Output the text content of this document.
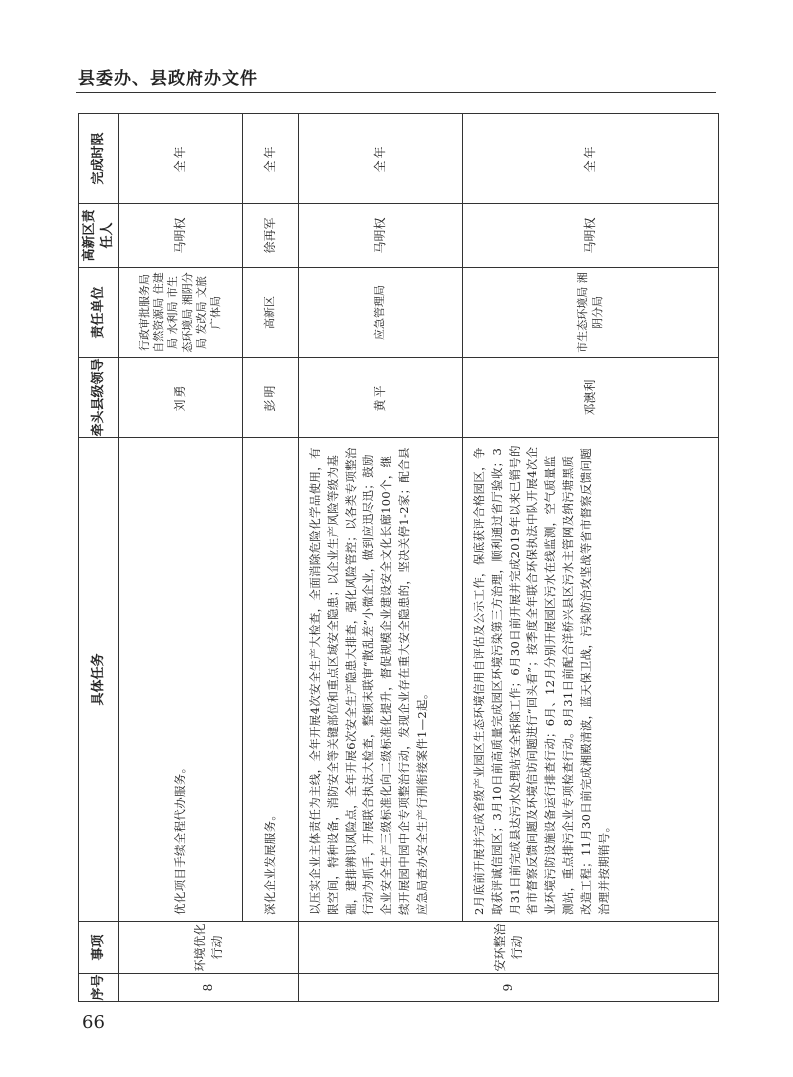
县委办、县政府办文件
序号	事项	具体任务	牵头县级领导	责任单位	高新区责任人	完成时限
8	环境优化行动	优化项目手续全程代办服务。	刘勇	行政审批服务局 自然资源局 住建局 水利局 市生态环境局 湘阴分局 发改局 文旅广体局	马明权	全年
		深化企业发展服务。	彭明	高新区	徐再军	全年
9	安环整治行动	以压实企业主体责任为主线，全年开展4次安全生产大检查，全面消除危险化学品使用，有限空间，特种设备，消防安全等关键部位和重点区域安全隐患；以企业生产风险等级为基础，建排辨识风险点，全年开展6次安全生产隐患大排查，强化风险管控；以各类专项整治行动为抓手，开展联合执法大检查，整顿末联审“散乱差”小微企业，做到应迅尽迅；鼓励企业安全生产三级标准化向二级标准化提升，督促规模企业建设安全文化长廊100个，继续开展园中园中企专项整治行动，发现企业存在重大安全隐患的，坚决关停1-2家；配合县应急局查办安全生产行刑衔接案件1—2起。	黄平	应急管理局	马明权	全年
		2月底前开展并完成省级产业园区生态环境信用自评估及公示工作，保底获评合格园区，争取获评诚信园区；3月10日前高质量完成园区环境污染第三方治理，顺利通过省厅验收；3月31日前完成县达污水处理站安全拆除工作；6月30日前开展并完成2019年以来已销号的省市督察反馈问题及环境信访问题进行“回头看”；按季度全年联合环保执法中队开展4次企业环境污防设施设备运行排查行动；6月、12月分别开展园区污水在线监测，空气质量监测站，重点排污企业专项检查行动。8月31日前配合洋桥兴县区污水主管网及纳污塘黑质改造工程；11月30日前完成湘殿清波，蓝天保卫战，污染防治攻坚战等省市督察反馈问题治理并按期销号。	邓澳利	市生态环境局 湘阴分局	马明权	全年
66
